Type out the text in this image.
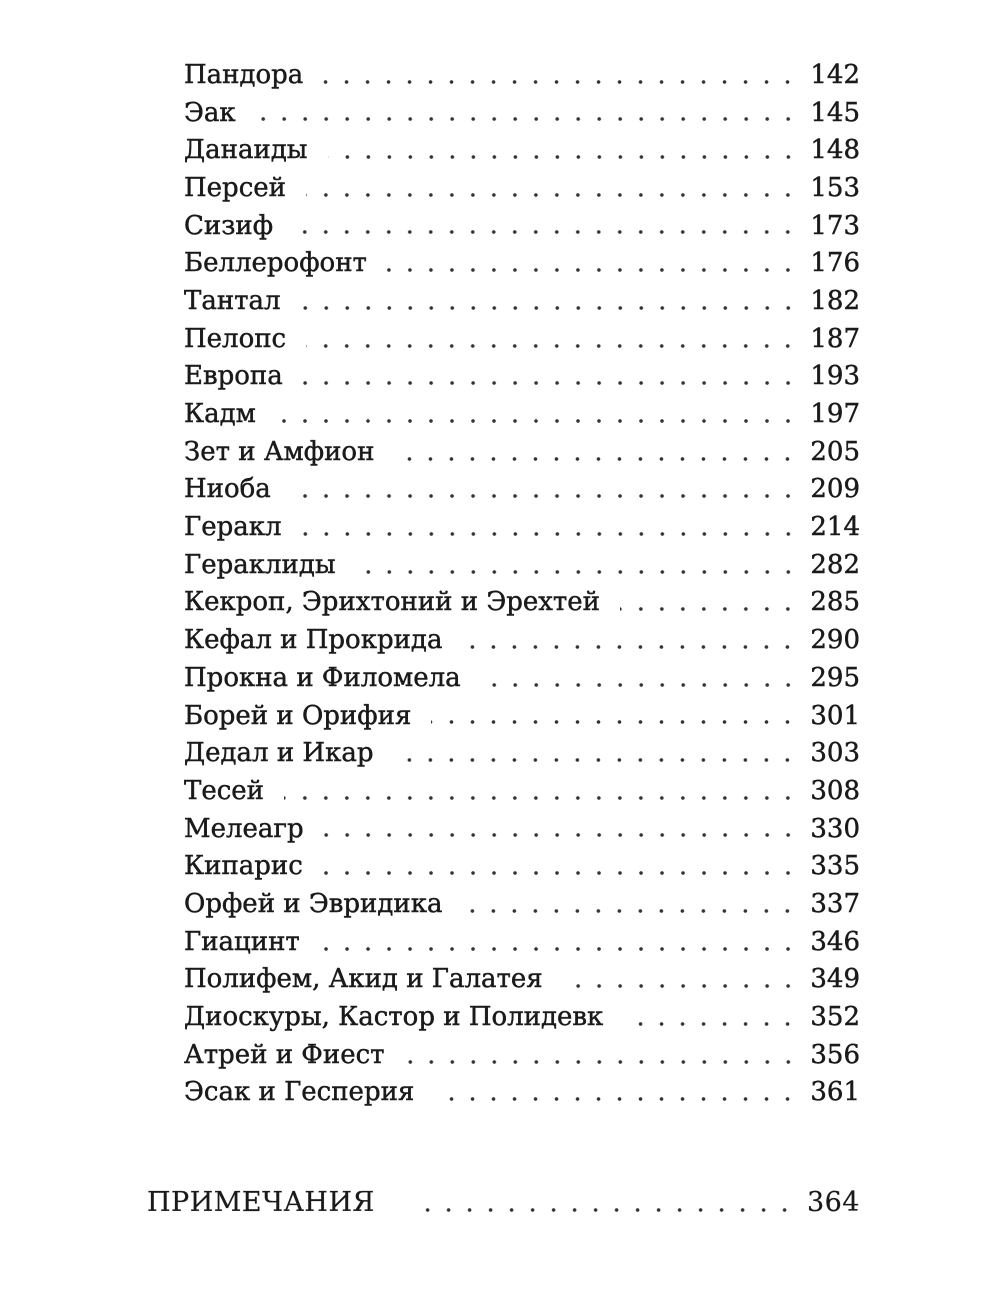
Пандора	142
Эак	145
Данаиды	148
Персей	153
Сизиф	173
Беллерофонт	176
Тантал	182
Пелопс	187
Европа	193
Кадм	197
Зет и Амфион	205
Ниоба	209
Геракл	214
Гераклиды	282
Кекроп, Эрихтоний и Эрехтей	285
Кефал и Прокрида	290
Прокна и Филомела	295
Борей и Орифия	301
Дедал и Икар	303
Тесей	308
Мелеагр	330
Кипарис	335
Орфей и Эвридика	337
Гиацинт	346
Полифем, Акид и Галатея	349
Диоскуры, Кастор и Полидевк	352
Атрей и Фиест	356
Эсак и Гесперия	361
ПРИМЕЧАНИЯ	364
